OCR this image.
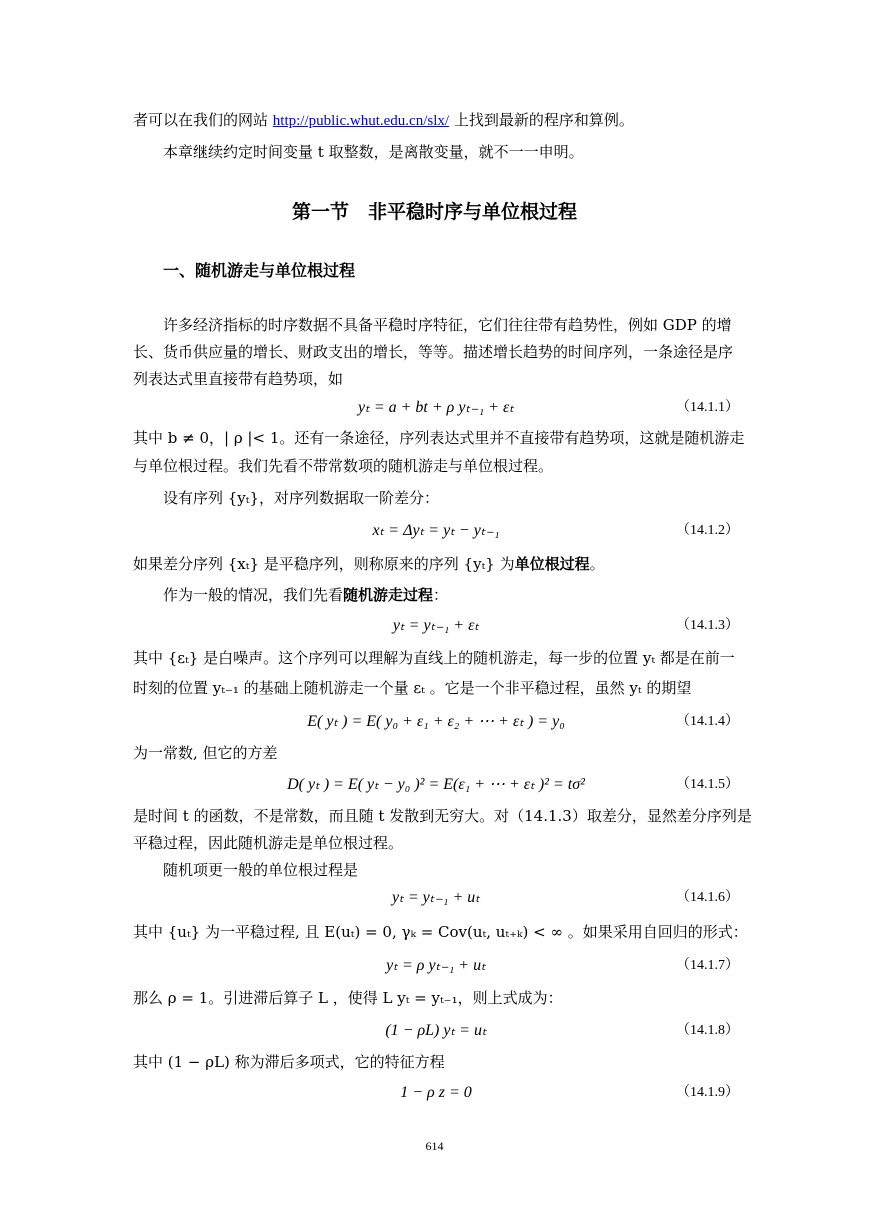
者可以在我们的网站 http://public.whut.edu.cn/slx/ 上找到最新的程序和算例。
本章继续约定时间变量 t 取整数，是离散变量，就不一一申明。
第一节　非平稳时序与单位根过程
一、随机游走与单位根过程
许多经济指标的时序数据不具备平稳时序特征，它们往往带有趋势性，例如 GDP 的增
长、货币供应量的增长、财政支出的增长，等等。描述增长趋势的时间序列，一条途径是序
列表达式里直接带有趋势项，如
yₜ = a + bt + ρ yₜ₋₁ + εₜ	（14.1.1）
其中 b ≠ 0，| ρ |< 1。还有一条途径，序列表达式里并不直接带有趋势项，这就是随机游走
与单位根过程。我们先看不带常数项的随机游走与单位根过程。
设有序列 {yₜ}，对序列数据取一阶差分：
xₜ = Δyₜ = yₜ − yₜ₋₁	（14.1.2）
如果差分序列 {xₜ} 是平稳序列，则称原来的序列 {yₜ} 为单位根过程。
作为一般的情况，我们先看随机游走过程：
yₜ = yₜ₋₁ + εₜ	（14.1.3）
其中 {εₜ} 是白噪声。这个序列可以理解为直线上的随机游走，每一步的位置 yₜ 都是在前一
时刻的位置 yₜ₋₁ 的基础上随机游走一个量 εₜ 。它是一个非平稳过程，虽然 yₜ 的期望
E( yₜ ) = E( y₀ + ε₁ + ε₂ + ⋯ + εₜ ) = y₀	（14.1.4）
为一常数, 但它的方差
D( yₜ ) = E( yₜ − y₀ )² = E(ε₁ + ⋯ + εₜ )² = tσ²	（14.1.5）
是时间 t 的函数，不是常数，而且随 t 发散到无穷大。对（14.1.3）取差分，显然差分序列是
平稳过程，因此随机游走是单位根过程。
随机项更一般的单位根过程是
yₜ = yₜ₋₁ + uₜ	（14.1.6）
其中 {uₜ} 为一平稳过程, 且 E(uₜ) = 0, γₖ = Cov(uₜ, uₜ₊ₖ) < ∞ 。如果采用自回归的形式：
yₜ = ρ yₜ₋₁ + uₜ	（14.1.7）
那么 ρ = 1。引进滞后算子 L ，使得 L yₜ = yₜ₋₁，则上式成为：
(1 − ρL) yₜ = uₜ	（14.1.8）
其中 (1 − ρL) 称为滞后多项式，它的特征方程
1 − ρ z = 0	（14.1.9）
614
